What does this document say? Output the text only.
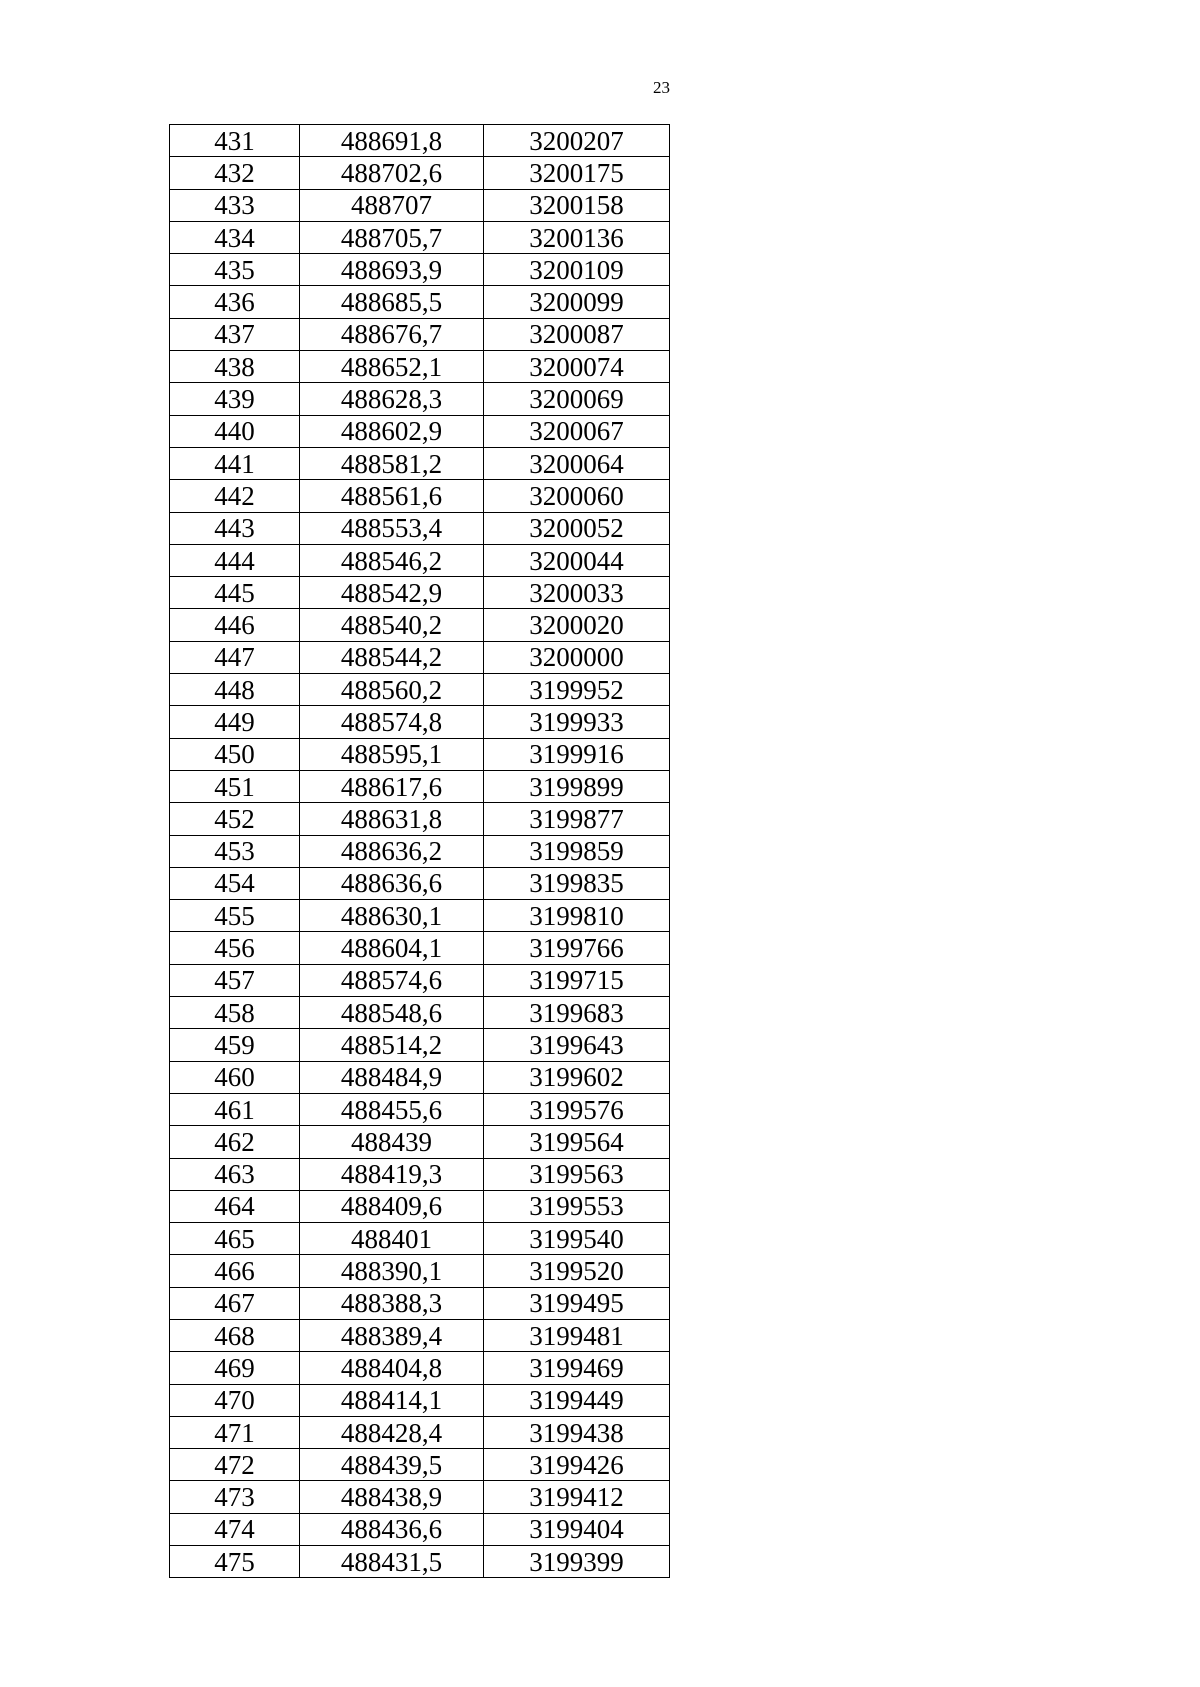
23
431	488691,8	3200207
432	488702,6	3200175
433	488707	3200158
434	488705,7	3200136
435	488693,9	3200109
436	488685,5	3200099
437	488676,7	3200087
438	488652,1	3200074
439	488628,3	3200069
440	488602,9	3200067
441	488581,2	3200064
442	488561,6	3200060
443	488553,4	3200052
444	488546,2	3200044
445	488542,9	3200033
446	488540,2	3200020
447	488544,2	3200000
448	488560,2	3199952
449	488574,8	3199933
450	488595,1	3199916
451	488617,6	3199899
452	488631,8	3199877
453	488636,2	3199859
454	488636,6	3199835
455	488630,1	3199810
456	488604,1	3199766
457	488574,6	3199715
458	488548,6	3199683
459	488514,2	3199643
460	488484,9	3199602
461	488455,6	3199576
462	488439	3199564
463	488419,3	3199563
464	488409,6	3199553
465	488401	3199540
466	488390,1	3199520
467	488388,3	3199495
468	488389,4	3199481
469	488404,8	3199469
470	488414,1	3199449
471	488428,4	3199438
472	488439,5	3199426
473	488438,9	3199412
474	488436,6	3199404
475	488431,5	3199399
